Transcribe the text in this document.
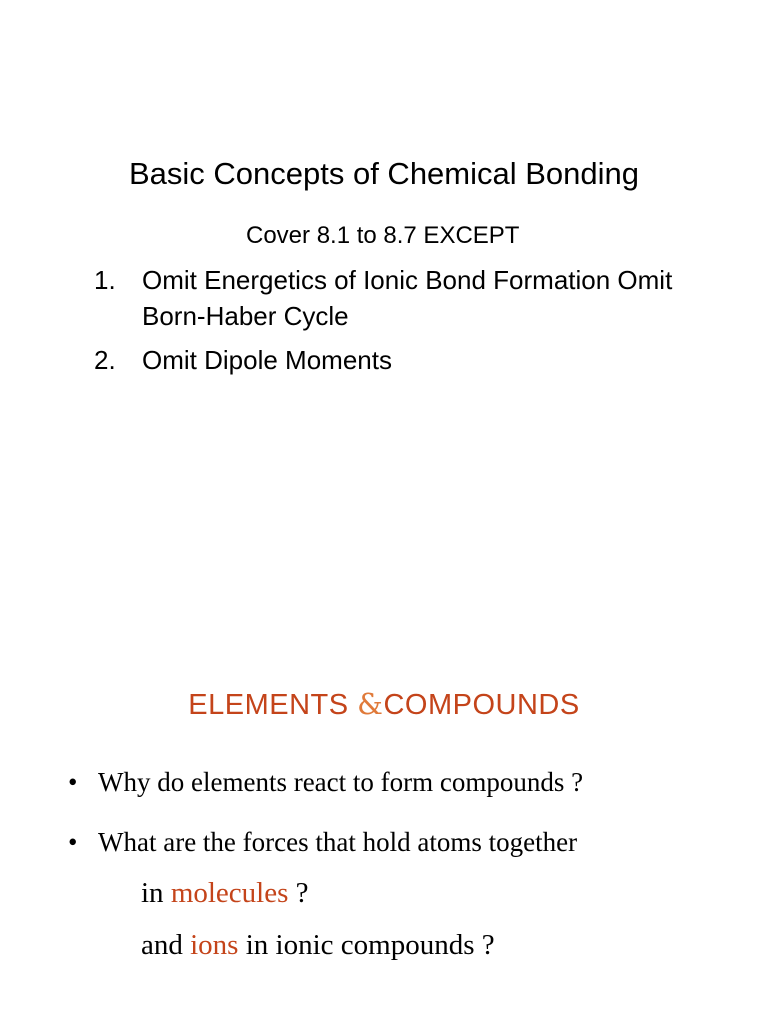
Basic Concepts of Chemical Bonding
Cover 8.1 to 8.7 EXCEPT
1.	Omit Energetics of Ionic Bond Formation Omit Born-Haber Cycle
2.	Omit Dipole Moments
ELEMENTS &COMPOUNDS
• Why do elements react to form compounds ?
• What are the forces that hold atoms together
in molecules ?
and ions in ionic compounds ?
